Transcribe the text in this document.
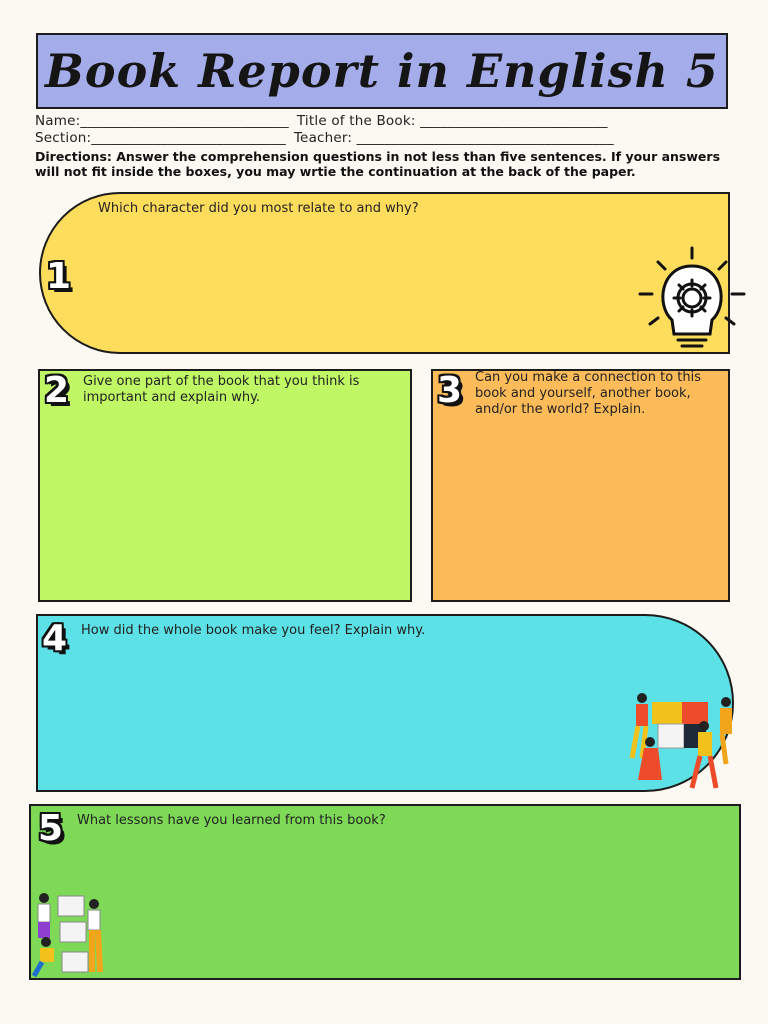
Book Report in English 5
Name:______________________________ Title of the Book: ___________________________
Section:____________________________ Teacher: _____________________________________
Directions: Answer the comprehension questions in not less than five sentences. If your answers will not fit inside the boxes, you may wrtie the continuation at the back of the paper.
1
Which character did you most relate to and why?
2 Give one part of the book that you think is important and explain why.	3 Can you make a connection to this book and yourself, another book, and/or the world? Explain.
4 How did the whole book make you feel? Explain why.
5 What lessons have you learned from this book?
